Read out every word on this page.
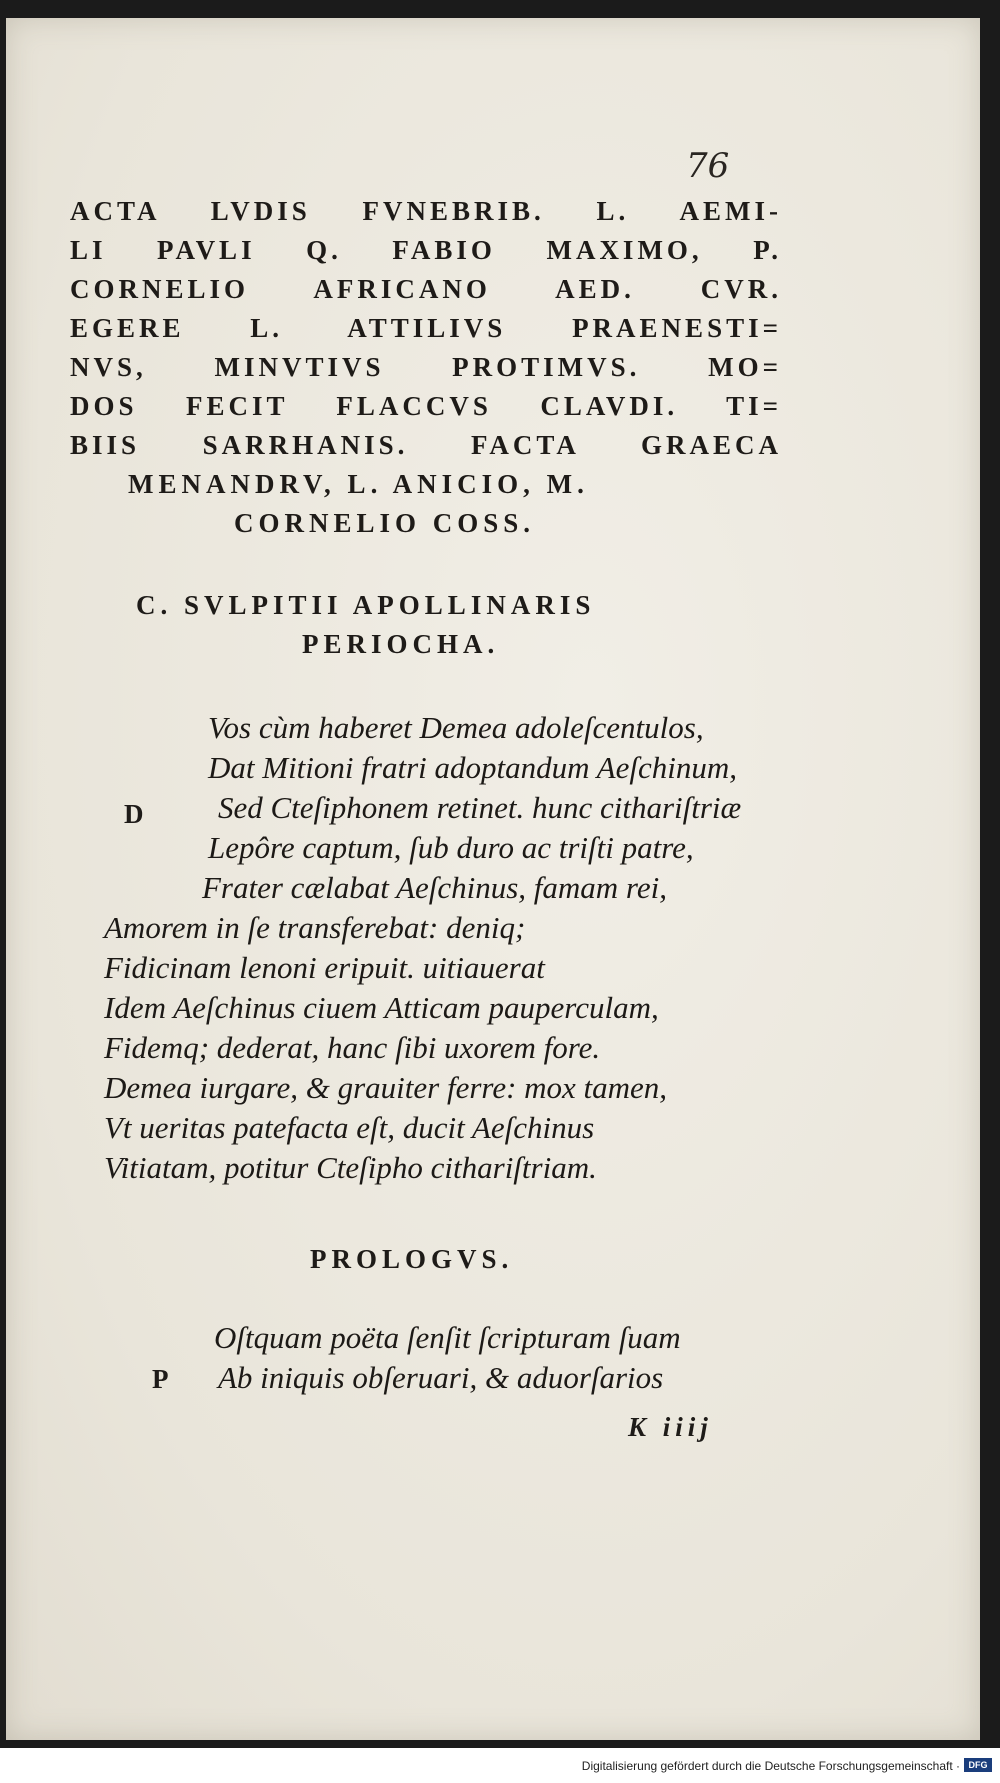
76
ACTA LVDIS FVNEBRIB. L. AEMI-
LI PAVLI Q. FABIO MAXIMO, P.
CORNELIO AFRICANO AED. CVR.
EGERE L. ATTILIVS PRAENESTI=
NVS, MINVTIVS PROTIMVS. MO=
DOS FECIT FLACCVS CLAVDI. TI=
BIIS SARRHANIS. FACTA GRAECA
MENANDRV, L. ANICIO, M.
CORNELIO COSS.
C. SVLPITII APOLLINARIS
PERIOCHA.
D
Vos cùm haberet Demea adoleſcentulos,
Dat Mitioni fratri adoptandum Aeſchinum,
Sed Cteſiphonem retinet. hunc cithariſtriæ
Lepôre captum, ſub duro ac triſti patre,
Frater cælabat Aeſchinus, famam rei,
Amorem in ſe transferebat: deniq;
Fidicinam lenoni eripuit. uitiauerat
Idem Aeſchinus ciuem Atticam pauperculam,
Fidemq; dederat, hanc ſibi uxorem fore.
Demea iurgare, & grauiter ferre: mox tamen,
Vt ueritas patefacta eſt, ducit Aeſchinus
Vitiatam, potitur Cteſipho cithariſtriam.
PROLOGVS.
P
Oſtquam poëta ſenſit ſcripturam ſuam
Ab iniquis obſeruari, & aduorſarios
K iiij
Digitalisierung gefördert durch die Deutsche Forschungsgemeinschaft · DFG
